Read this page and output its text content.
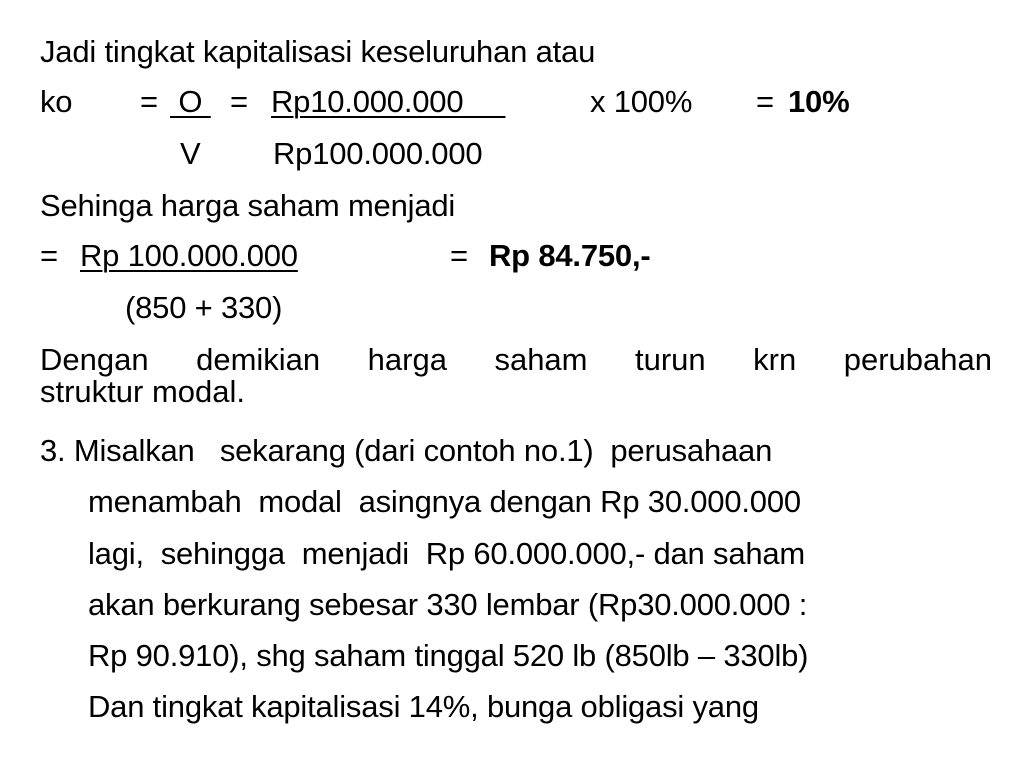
Jadi tingkat kapitalisasi keseluruhan atau
ko = O = Rp10.000.000	x 100% = 10%
V Rp100.000.000
Sehinga harga saham menjadi
= Rp 100.000.000	= Rp 84.750,-
(850 + 330)
Dengan demikian harga saham turun krn perubahan
struktur modal.
3. Misalkan   sekarang (dari contoh no.1)  perusahaan
menambah  modal  asingnya dengan Rp 30.000.000
lagi,  sehingga  menjadi  Rp 60.000.000,- dan saham
akan berkurang sebesar 330 lembar (Rp30.000.000 :
Rp 90.910), shg saham tinggal 520 lb (850lb – 330lb)
Dan tingkat kapitalisasi 14%, bunga obligasi yang
